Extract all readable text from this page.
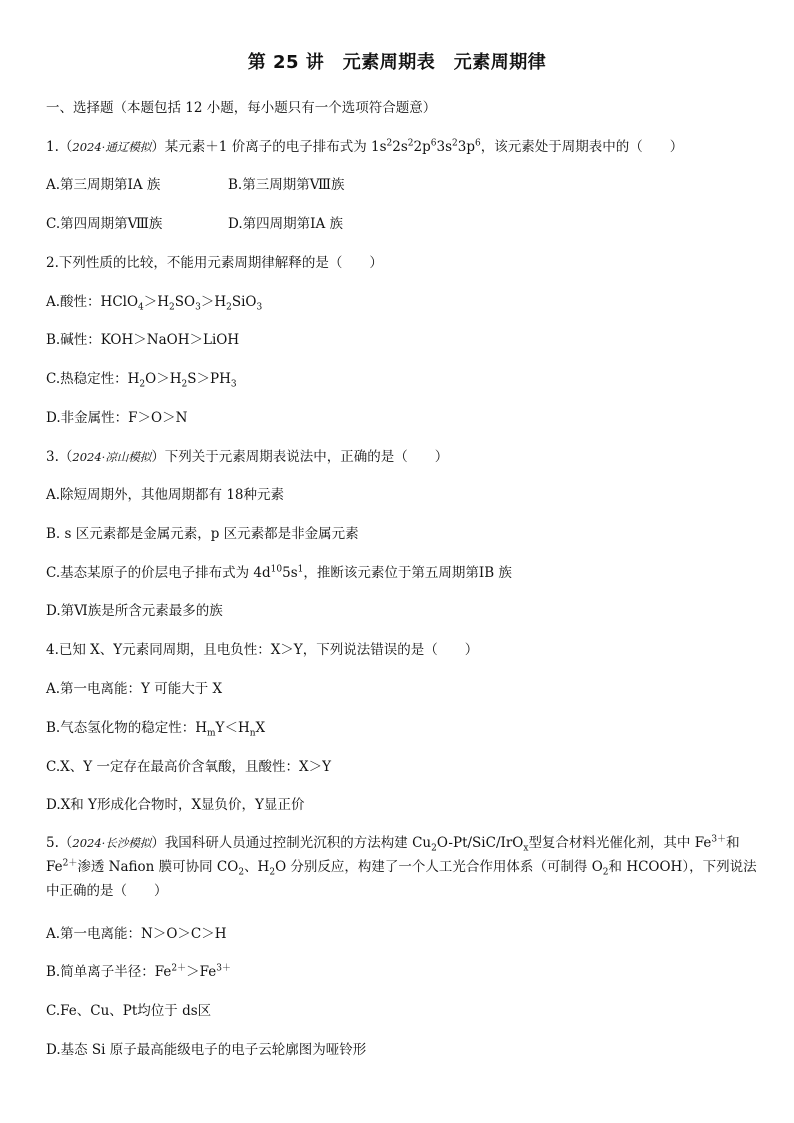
第 25 讲　元素周期表　元素周期律
一、选择题（本题包括 12 小题，每小题只有一个选项符合题意）
1.（2024·通辽模拟）某元素＋1 价离子的电子排布式为 $1s^22s^22p^63s^23p^6$，该元素处于周期表中的（　　）
A.第三周期第ⅠA 族	B.第三周期第Ⅷ族
C.第四周期第Ⅷ族	D.第四周期第ⅠA 族
2.下列性质的比较，不能用元素周期律解释的是（　　）
A.酸性：$HClO_4>H_2SO_3>H_2SiO_3$
B.碱性：KOH＞NaOH＞LiOH
C.热稳定性：$H_2O>H_2S>PH_3$
D.非金属性：F＞O＞N
3.（2024·凉山模拟）下列关于元素周期表说法中，正确的是（　　）
A.除短周期外，其他周期都有 18种元素
B. s 区元素都是金属元素，p 区元素都是非金属元素
C.基态某原子的价层电子排布式为 $4d^{10}5s^1$，推断该元素位于第五周期第ⅠB 族
D.第Ⅵ族是所含元素最多的族
4.已知 X、Y元素同周期，且电负性：X＞Y，下列说法错误的是（　　）
A.第一电离能：Y 可能大于 X
B.气态氢化物的稳定性：$H_mY<H_nX$
C.X、Y 一定存在最高价含氧酸，且酸性：X＞Y
D.X和 Y形成化合物时，X显负价，Y显正价
5.（2024·长沙模拟）我国科研人员通过控制光沉积的方法构建 $Cu_2O-Pt/SiC/IrO_x$型复合材料光催化剂，其中 $Fe^{3+}$和 $Fe^{2+}$渗透 Nafion 膜可协同 $CO_2$、$H_2O$ 分别反应，构建了一个人工光合作用体系（可制得 $O_2$和 HCOOH），下列说法中正确的是（　　）
A.第一电离能：N＞O＞C＞H
B.简单离子半径：$Fe^{2+}>Fe^{3+}$
C.Fe、Cu、Pt均位于 ds区
D.基态 Si 原子最高能级电子的电子云轮廓图为哑铃形
